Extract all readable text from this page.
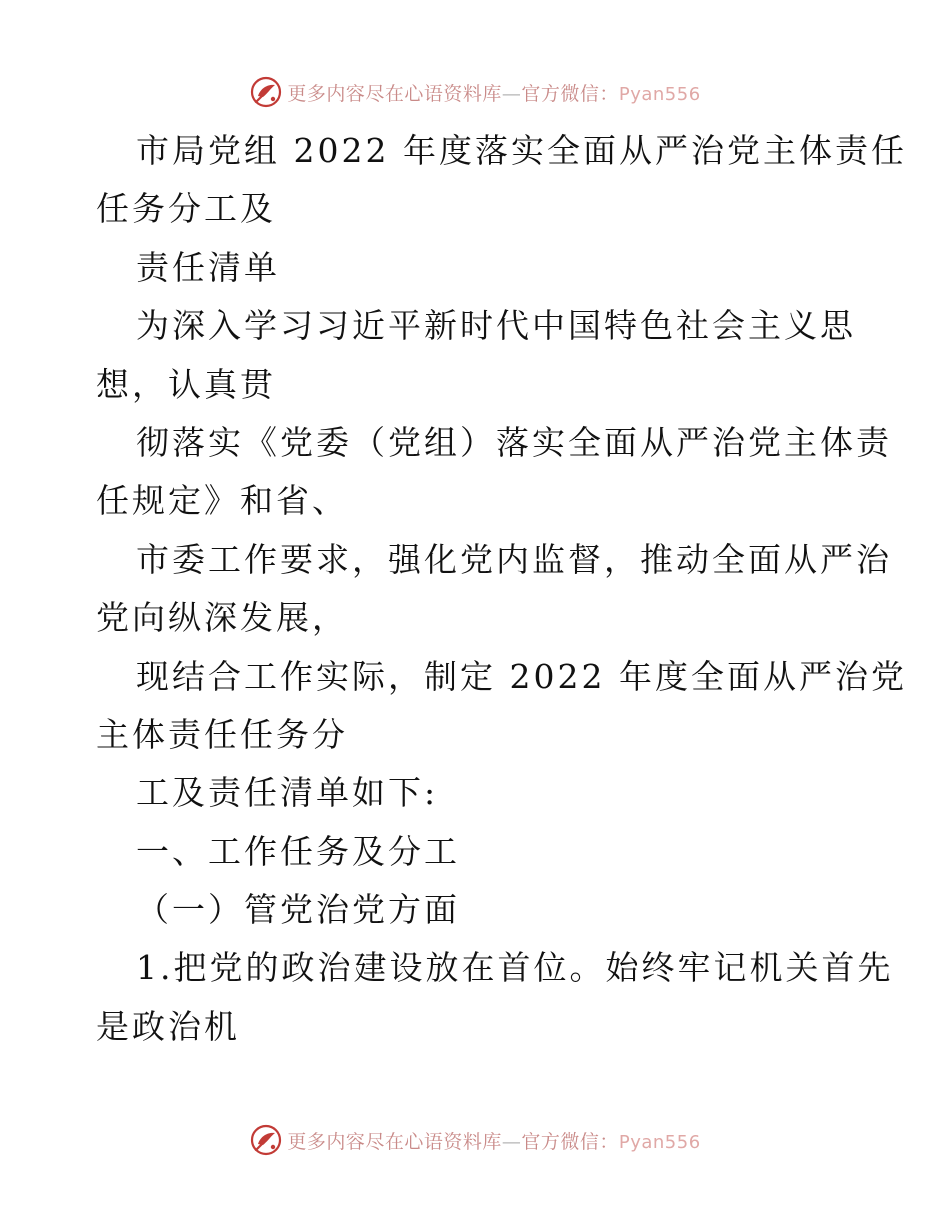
更多内容尽在心语资料库—官方微信：Pyan556
市局党组 2022 年度落实全面从严治党主体责任
任务分工及
责任清单
为深入学习习近平新时代中国特色社会主义思
想，认真贯
彻落实《党委（党组）落实全面从严治党主体责
任规定》和省、
市委工作要求，强化党内监督，推动全面从严治
党向纵深发展，
现结合工作实际，制定 2022 年度全面从严治党
主体责任任务分
工及责任清单如下:
一、工作任务及分工
（一）管党治党方面
1.把党的政治建设放在首位。始终牢记机关首先
是政治机
更多内容尽在心语资料库—官方微信：Pyan556
